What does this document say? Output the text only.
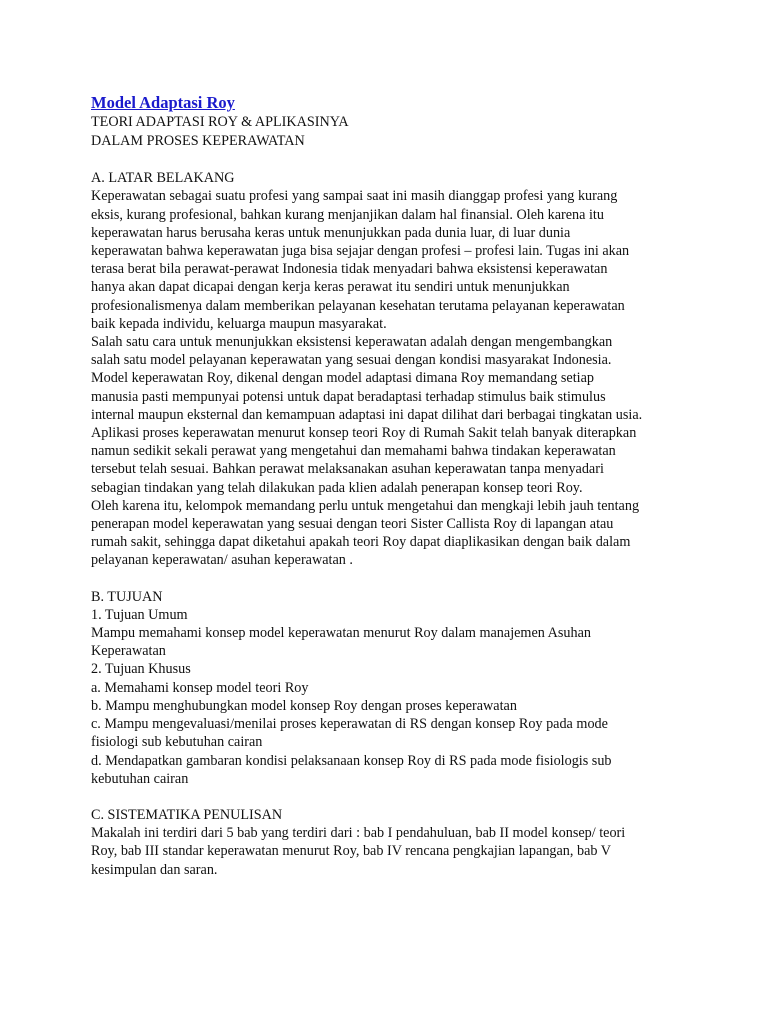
Model Adaptasi Roy
TEORI ADAPTASI ROY & APLIKASINYA
DALAM PROSES KEPERAWATAN
A. LATAR BELAKANG

Keperawatan sebagai suatu profesi yang sampai saat ini masih dianggap profesi yang kurang
eksis, kurang profesional, bahkan kurang menjanjikan dalam hal finansial. Oleh karena itu
keperawatan harus berusaha keras untuk menunjukkan pada dunia luar, di luar dunia
keperawatan bahwa keperawatan juga bisa sejajar dengan profesi – profesi lain. Tugas ini akan
terasa berat bila perawat-perawat Indonesia tidak menyadari bahwa eksistensi keperawatan
hanya akan dapat dicapai dengan kerja keras perawat itu sendiri untuk menunjukkan
profesionalismenya dalam memberikan pelayanan kesehatan terutama pelayanan keperawatan
baik kepada individu, keluarga maupun masyarakat.

Salah satu cara untuk menunjukkan eksistensi keperawatan adalah dengan mengembangkan
salah satu model pelayanan keperawatan yang sesuai dengan kondisi masyarakat Indonesia.
Model keperawatan Roy, dikenal dengan model adaptasi dimana Roy memandang setiap
manusia pasti mempunyai potensi untuk dapat beradaptasi terhadap stimulus baik stimulus
internal maupun eksternal dan kemampuan adaptasi ini dapat dilihat dari berbagai tingkatan usia.
Aplikasi proses keperawatan menurut konsep teori Roy di Rumah Sakit telah banyak diterapkan
namun sedikit sekali perawat yang mengetahui dan memahami bahwa tindakan keperawatan
tersebut telah sesuai. Bahkan perawat melaksanakan asuhan keperawatan tanpa menyadari
sebagian tindakan yang telah dilakukan pada klien adalah penerapan konsep teori Roy.

Oleh karena itu, kelompok memandang perlu untuk mengetahui dan mengkaji lebih jauh tentang
penerapan model keperawatan yang sesuai dengan teori Sister Callista Roy di lapangan atau
rumah sakit, sehingga dapat diketahui apakah teori Roy dapat diaplikasikan dengan baik dalam
pelayanan keperawatan/ asuhan keperawatan .

B. TUJUAN

1. Tujuan Umum

Mampu memahami konsep model keperawatan menurut Roy dalam manajemen Asuhan
Keperawatan

2. Tujuan Khusus

a. Memahami konsep model teori Roy

b. Mampu menghubungkan model konsep Roy dengan proses keperawatan

c. Mampu mengevaluasi/menilai proses keperawatan di RS dengan konsep Roy pada mode
fisiologi sub kebutuhan cairan

d. Mendapatkan gambaran kondisi pelaksanaan konsep Roy di RS pada mode fisiologis sub
kebutuhan cairan

C. SISTEMATIKA PENULISAN

Makalah ini terdiri dari 5 bab yang terdiri dari : bab I pendahuluan, bab II model konsep/ teori
Roy, bab III standar keperawatan menurut Roy, bab IV rencana pengkajian lapangan, bab V
kesimpulan dan saran.
